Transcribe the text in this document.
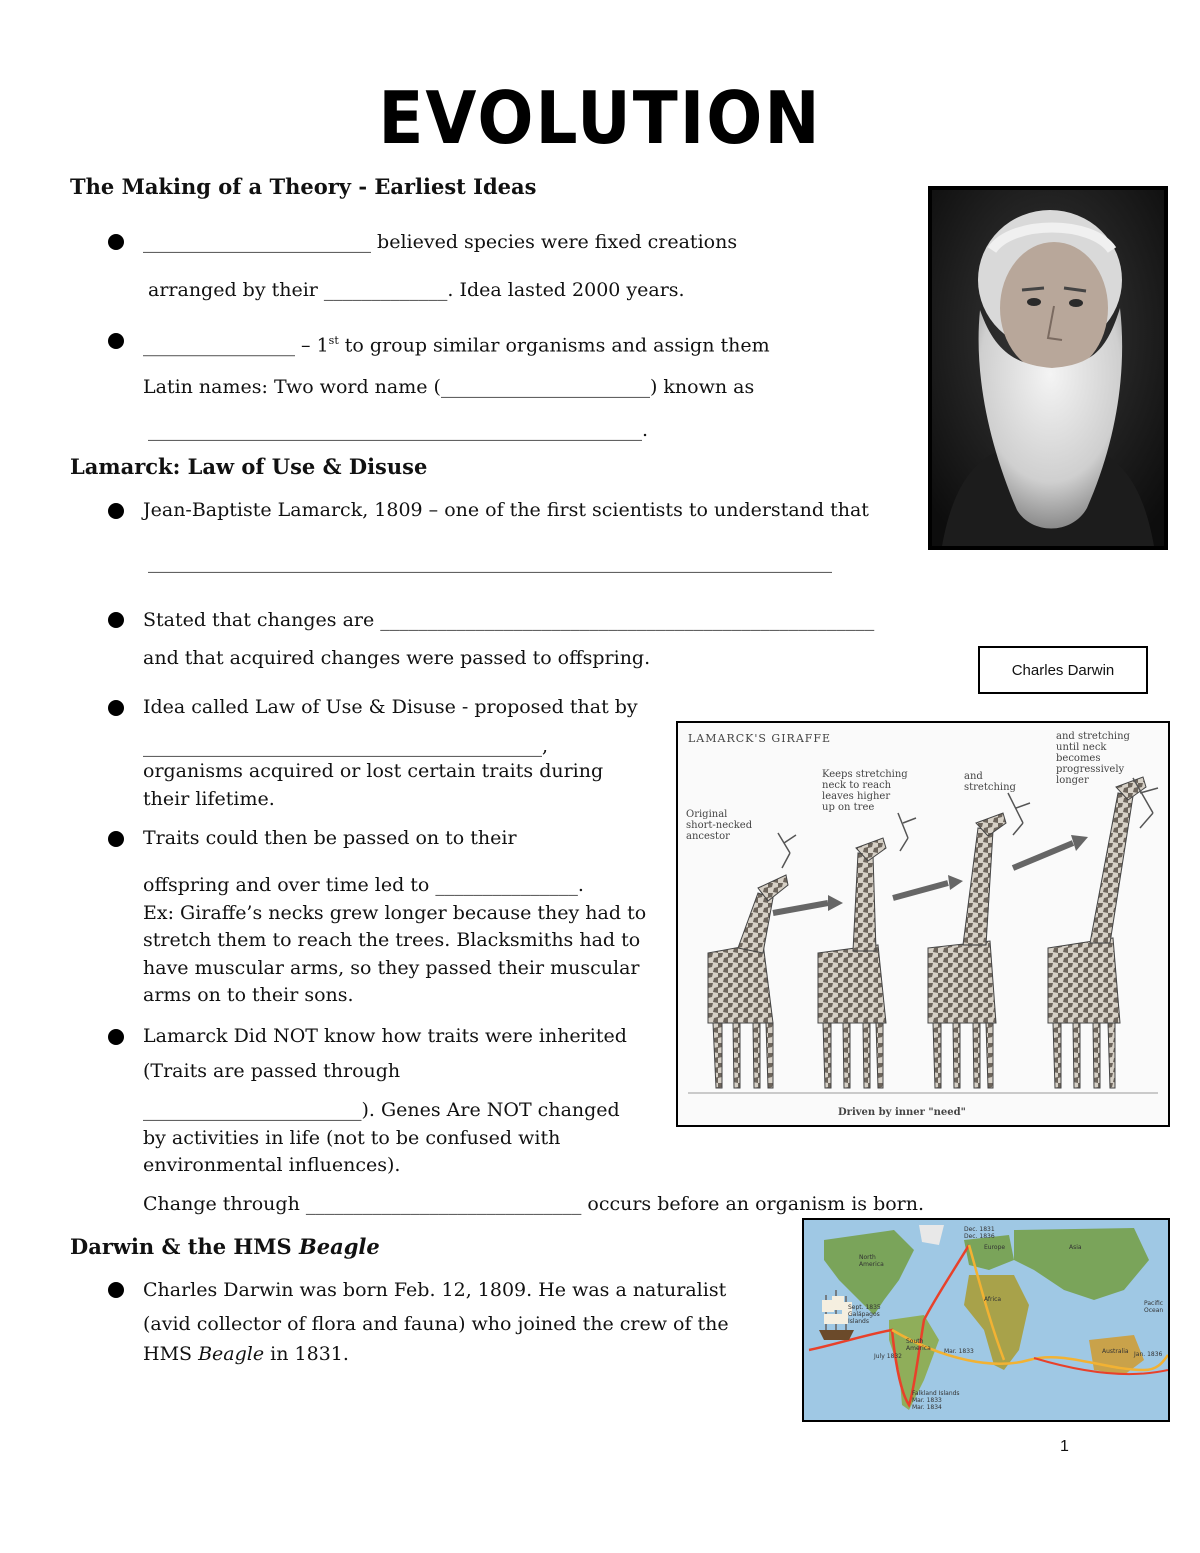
EVOLUTION
The Making of a Theory - Earliest Ideas
________________________ believed species were fixed creations
arranged by their _____________. Idea lasted 2000 years.
________________ – 1st to group similar organisms and assign them
Latin names: Two word name (______________________) known as
____________________________________________________.
Charles Darwin
Lamarck: Law of Use & Disuse
Jean-Baptiste Lamarck, 1809 – one of the first scientists to understand that
________________________________________________________________________
Stated that changes are ____________________________________________________
and that acquired changes were passed to offspring.
Idea called Law of Use & Disuse - proposed that by
__________________________________________,
organisms acquired or lost certain traits during
their lifetime.
Traits could then be passed on to their
offspring and over time led to _______________.
Ex: Giraffe’s necks grew longer because they had to
stretch them to reach the trees. Blacksmiths had to
have muscular arms, so they passed their muscular
arms on to their sons.
Lamarck Did NOT know how traits were inherited
(Traits are passed through
_______________________). Genes Are NOT changed
by activities in life (not to be confused with
environmental influences).
Change through _____________________________ occurs before an organism is born.
LAMARCK'S GIRAFFE
Original
short-necked
ancestor
Keeps stretching
neck to reach
leaves higher
up on tree
and
stretching
and stretching
until neck
becomes
progressively
longer
Driven by inner "need"
Darwin & the HMS Beagle
Charles Darwin was born Feb. 12, 1809. He was a naturalist
(avid collector of flora and fauna) who joined the crew of the
HMS Beagle in 1831.
North
America
South
America
Europe	Asia
Africa
Australia
Dec. 1831
Dec. 1836
Sept. 1835
Galápagos
Islands
Falkland Islands
Mar. 1833
Mar. 1834
July 1832
Mar. 1833	Jan. 1836
Pacific
Ocean
1
